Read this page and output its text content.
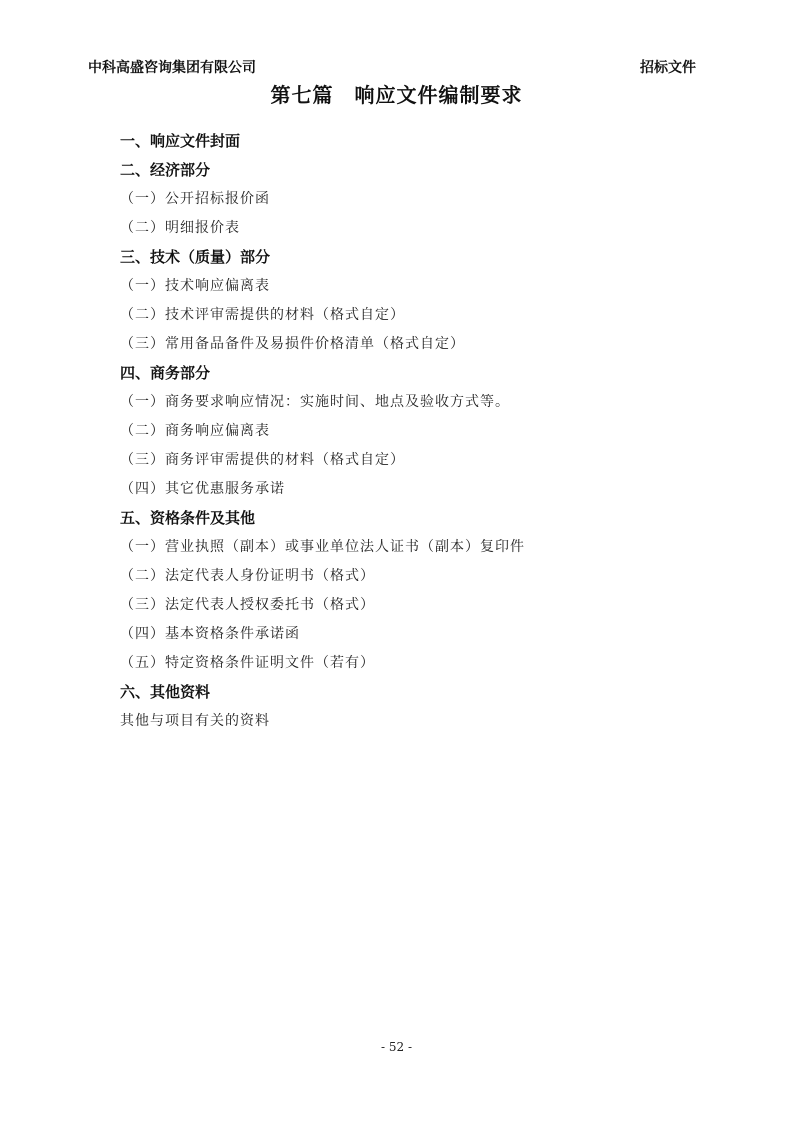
中科高盛咨询集团有限公司	招标文件
第七篇　响应文件编制要求
一、响应文件封面
二、经济部分
（一）公开招标报价函
（二）明细报价表
三、技术（质量）部分
（一）技术响应偏离表
（二）技术评审需提供的材料（格式自定）
（三）常用备品备件及易损件价格清单（格式自定）
四、商务部分
（一）商务要求响应情况：实施时间、地点及验收方式等。
（二）商务响应偏离表
（三）商务评审需提供的材料（格式自定）
（四）其它优惠服务承诺
五、资格条件及其他
（一）营业执照（副本）或事业单位法人证书（副本）复印件
（二）法定代表人身份证明书（格式）
（三）法定代表人授权委托书（格式）
（四）基本资格条件承诺函
（五）特定资格条件证明文件（若有）
六、其他资料
其他与项目有关的资料
- 52 -
